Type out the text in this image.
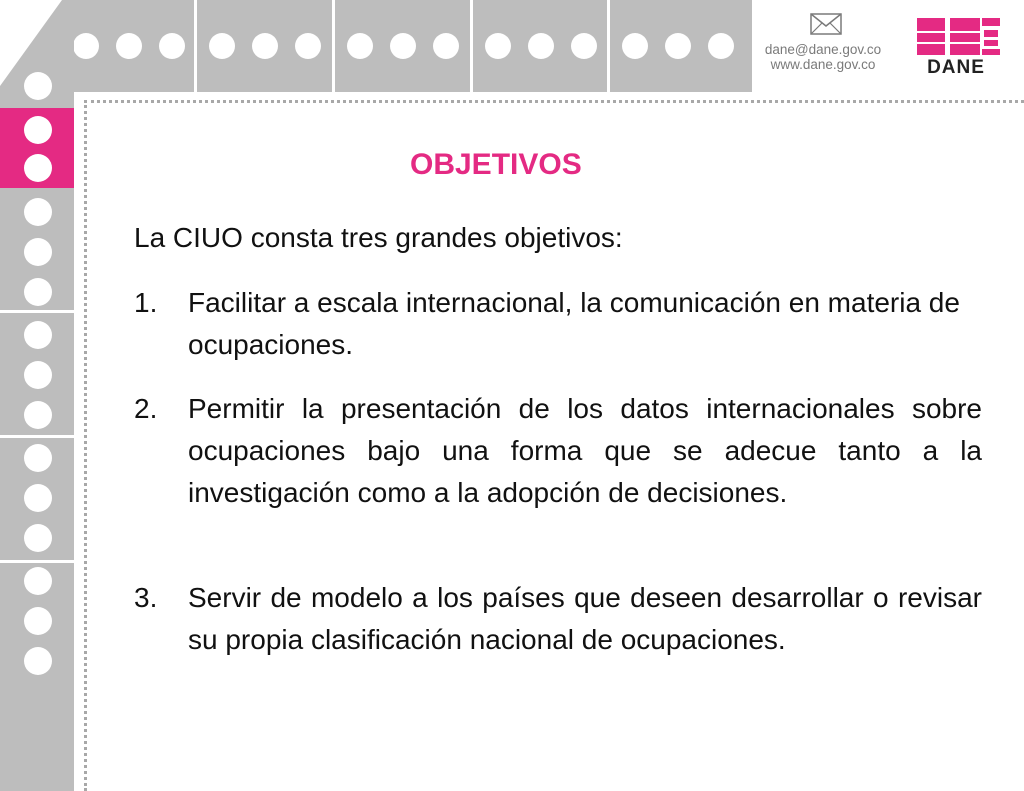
dane@dane.gov.co
www.dane.gov.co	DANE
OBJETIVOS
La CIUO consta tres grandes objetivos:
1. Facilitar a escala internacional, la comunicación en materia de ocupaciones.
2. Permitir la presentación de los datos internacionales sobre ocupaciones bajo una forma que se adecue tanto a la investigación como a la adopción de decisiones.
3. Servir de modelo a los países que deseen desarrollar o revisar su propia clasificación nacional de ocupaciones.
